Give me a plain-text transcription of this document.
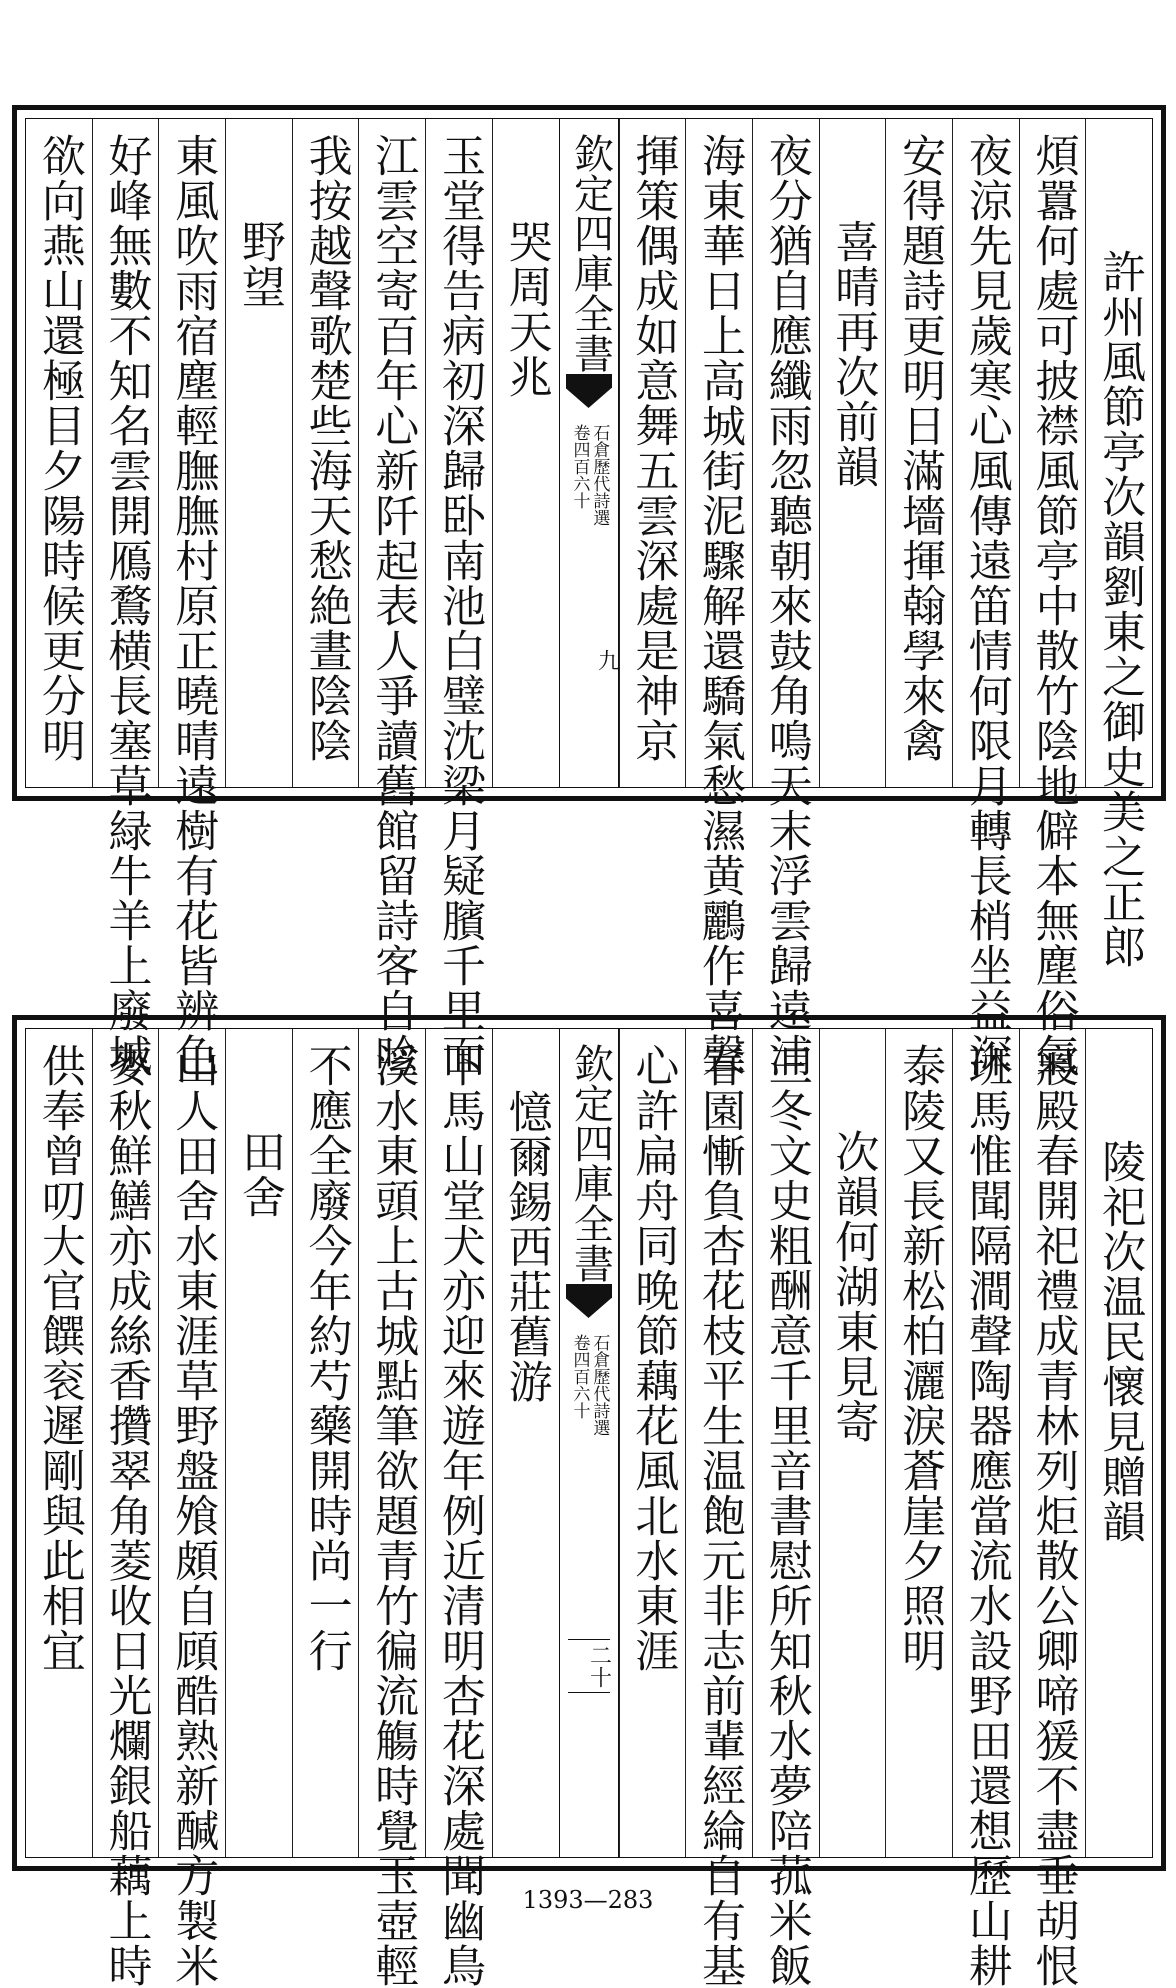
許州風節亭次韻劉東之御史美之正郎
煩囂何處可披襟風節亭中散竹陰地僻本無塵俗氣
夜涼先見歲寒心風傳遠笛情何限月轉長梢坐益深
安得題詩更明日滿墻揮翰學來禽
喜晴再次前韻
夜分猶自應纖雨忽聽朝來鼓角鳴天末浮雲歸遠浦
海東華日上高城街泥驟解還驕氣愁濕黄鸝作喜聲
揮策偶成如意舞五雲深處是神京
欽定四庫全書
石倉歷代詩選
卷四百六十
九
哭周天兆
玉堂得告病初深歸卧南池白璧沈梁月疑臏千里面
江雲空寄百年心新阡起表人爭讀舊館留詩客自吟
我按越聲歌楚些海天愁絶晝陰陰
野望
東風吹雨宿塵輕膴膴村原正曉晴遠樹有花皆辨色
好峰無數不知名雲開鴈鶩横長塞草緑牛羊上廢城
欲向燕山還極目夕陽時候更分明
陵祀次温民懷見贈韻
寢殿春開祀禮成青林列炬散公卿啼猨不盡垂胡恨
班馬惟聞隔澗聲陶器應當流水設野田還想歷山耕
泰陵又長新松柏灑淚蒼崖夕照明
次韻何湖東見寄
三冬文史粗酬意千里音書慰所知秋水夢陪菰米飯
春園慚負杏花枝平生温飽元非志前輩經綸自有基
心許扁舟同晚節藕花風北水東涯
欽定四庫全書
石倉歷代詩選
卷四百六十
二十
憶爾錫西莊舊游
下馬山堂犬亦迎來遊年例近清明杏花深處聞幽鳥
溪水東頭上古城點筆欲題青竹徧流觴時覺玉壺輕
不應全廢今年約芍藥開時尚一行
田舍
山人田舍水東涯草野盤飧頗自頋酷熟新醎方製米
麥秋鮮鱔亦成絲香攢翠角菱收日光爛銀船藕上時
供奉曾叨大官饌衮遲剛與此相宜
1393—283
